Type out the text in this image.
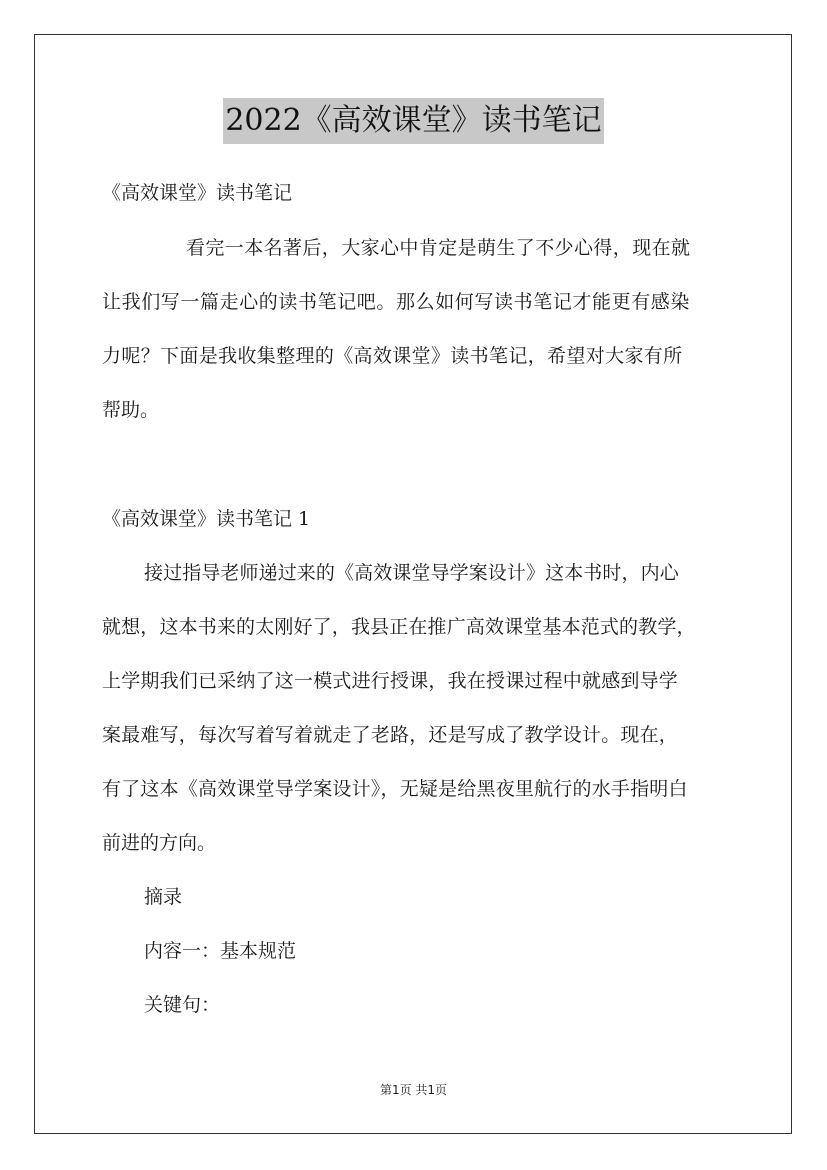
2022《高效课堂》读书笔记
《高效课堂》读书笔记
看完一本名著后，大家心中肯定是萌生了不少心得，现在就
让我们写一篇走心的读书笔记吧。那么如何写读书笔记才能更有感染
力呢？下面是我收集整理的《高效课堂》读书笔记，希望对大家有所
帮助。
《高效课堂》读书笔记 1
接过指导老师递过来的《高效课堂导学案设计》这本书时，内心
就想，这本书来的太刚好了，我县正在推广高效课堂基本范式的教学，
上学期我们已采纳了这一模式进行授课，我在授课过程中就感到导学
案最难写，每次写着写着就走了老路，还是写成了教学设计。现在，
有了这本《高效课堂导学案设计》，无疑是给黑夜里航行的水手指明白
前进的方向。
摘录
内容一：基本规范
关键句：
第1页 共1页
